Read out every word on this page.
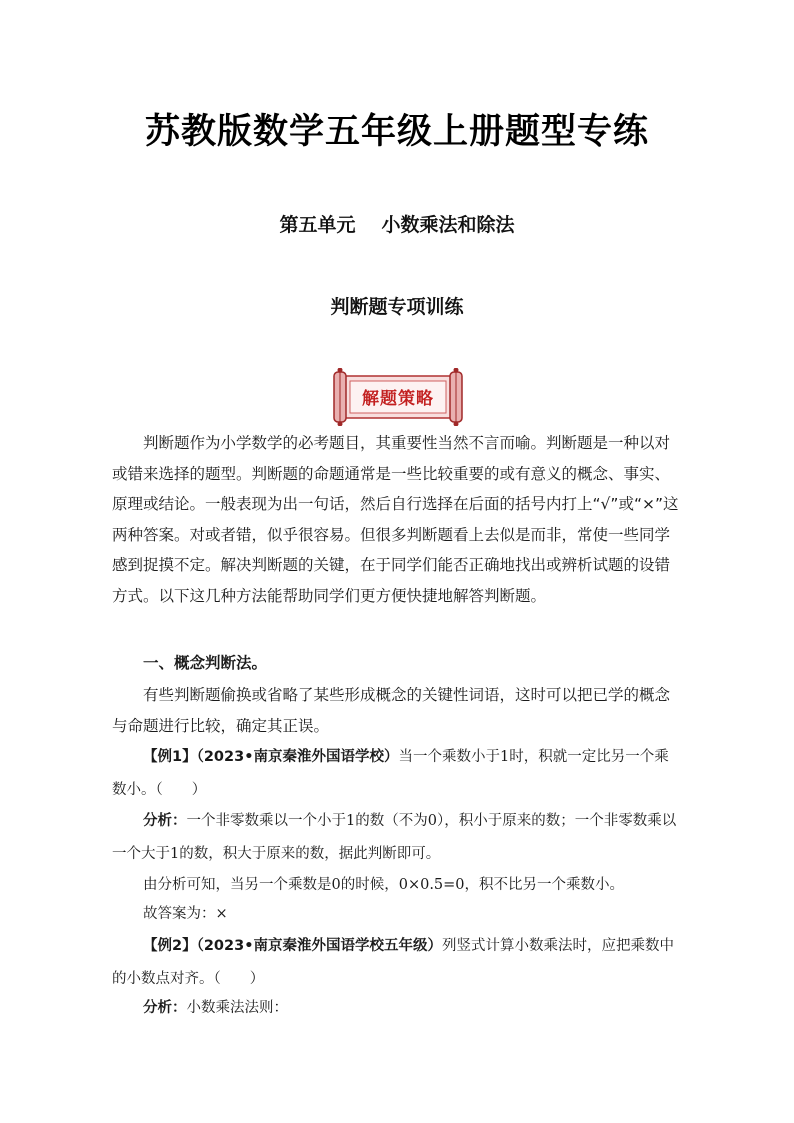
苏教版数学五年级上册题型专练
第五单元 小数乘法和除法
判断题专项训练
解题策略
判断题作为小学数学的必考题目，其重要性当然不言而喻。判断题是一种以对或错来选择的题型。判断题的命题通常是一些比较重要的或有意义的概念、事实、原理或结论。一般表现为出一句话，然后自行选择在后面的括号内打上“√”或“×”这两种答案。对或者错，似乎很容易。但很多判断题看上去似是而非，常使一些同学感到捉摸不定。解决判断题的关键，在于同学们能否正确地找出或辨析试题的设错方式。以下这几种方法能帮助同学们更方便快捷地解答判断题。
一、概念判断法。
有些判断题偷换或省略了某些形成概念的关键性词语，这时可以把已学的概念与命题进行比较，确定其正误。
【例1】（2023•南京秦淮外国语学校）当一个乘数小于1时，积就一定比另一个乘数小。（　　）
分析：一个非零数乘以一个小于1的数（不为0），积小于原来的数；一个非零数乘以一个大于1的数，积大于原来的数，据此判断即可。
由分析可知，当另一个乘数是0的时候，0×0.5=0，积不比另一个乘数小。
故答案为：×
【例2】（2023•南京秦淮外国语学校五年级）列竖式计算小数乘法时，应把乘数中的小数点对齐。（　　）
分析：小数乘法法则：
